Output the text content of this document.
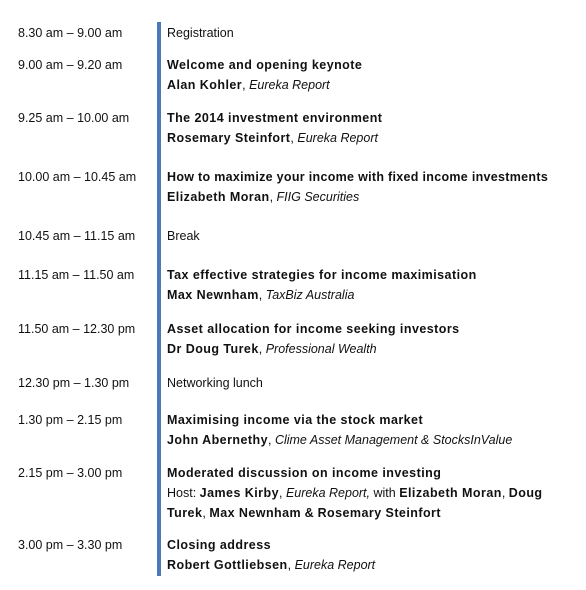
8.30 am – 9.00 am	Registration
9.00 am – 9.20 am	Welcome and opening keynote
Alan Kohler, Eureka Report
9.25 am – 10.00 am	The 2014 investment environment
Rosemary Steinfort, Eureka Report
10.00 am – 10.45 am How to maximize your income with fixed income investments
Elizabeth Moran, FIIG Securities
10.45 am – 11.15 am	Break
11.15 am – 11.50 am	Tax effective strategies for income maximisation
Max Newnham, TaxBiz Australia
11.50 am – 12.30 pm	Asset allocation for income seeking investors
Dr Doug Turek, Professional Wealth
12.30 pm – 1.30 pm	Networking lunch
1.30 pm – 2.15 pm	Maximising income via the stock market
John Abernethy, Clime Asset Management & StocksInValue
2.15 pm – 3.00 pm	Moderated discussion on income investing
Host: James Kirby, Eureka Report, with Elizabeth Moran, Doug Turek, Max Newnham & Rosemary Steinfort
3.00 pm – 3.30 pm	Closing address
Robert Gottliebsen, Eureka Report
